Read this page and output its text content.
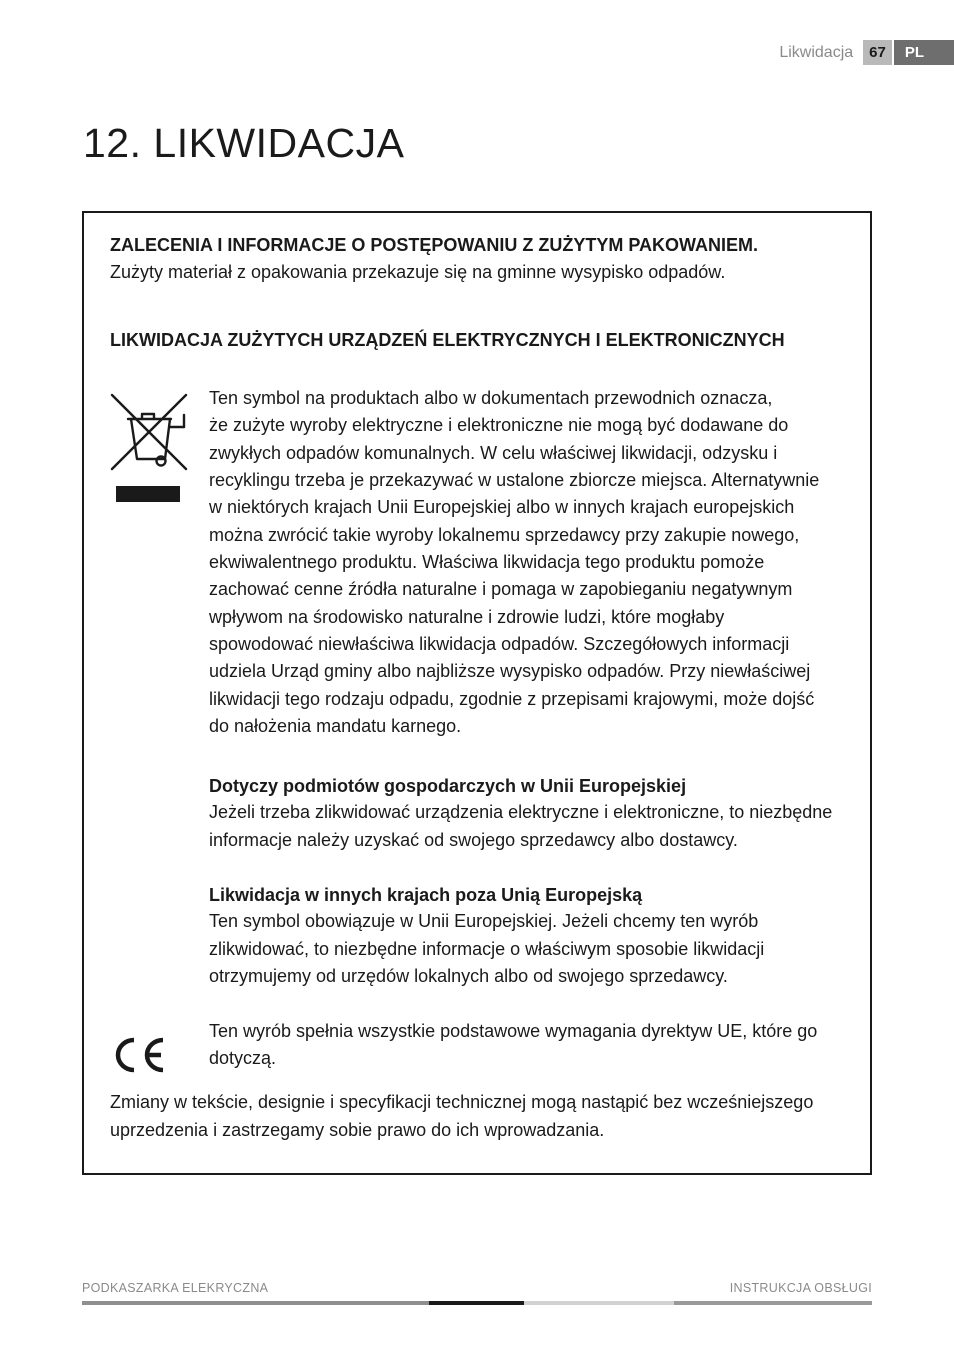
Likwidacja	67	PL
12. LIKWIDACJA

ZALECENIA I INFORMACJE O POSTĘPOWANIU Z ZUŻYTYM PAKOWANIEM.

Zużyty materiał z opakowania przekazuje się na gminne wysypisko odpadów.

LIKWIDACJA ZUŻYTYCH URZĄDZEŃ ELEKTRYCZNYCH I ELEKTRONICZNYCH

Ten symbol na produktach albo w dokumentach przewodnich oznacza,

że zużyte wyroby elektryczne i elektroniczne nie mogą być dodawane do

zwykłych odpadów komunalnych. W celu właściwej likwidacji, odzysku i

recyklingu trzeba je przekazywać w ustalone zbiorcze miejsca. Alternatywnie

w niektórych krajach Unii Europejskiej albo w innych krajach europejskich

można zwrócić takie wyroby lokalnemu sprzedawcy przy zakupie nowego,

ekwiwalentnego produktu. Właściwa likwidacja tego produktu pomoże

zachować cenne źródła naturalne i pomaga w zapobieganiu negatywnym

wpływom na środowisko naturalne i zdrowie ludzi, które mogłaby

spowodować niewłaściwa likwidacja odpadów. Szczegółowych informacji

udziela Urząd gminy albo najbliższe wysypisko odpadów. Przy niewłaściwej

likwidacji tego rodzaju odpadu, zgodnie z przepisami krajowymi, może dojść

do nałożenia mandatu karnego.

Dotyczy podmiotów gospodarczych w Unii Europejskiej

Jeżeli trzeba zlikwidować urządzenia elektryczne i elektroniczne, to niezbędne

informacje należy uzyskać od swojego sprzedawcy albo dostawcy.

Likwidacja w innych krajach poza Unią Europejską

Ten symbol obowiązuje w Unii Europejskiej. Jeżeli chcemy ten wyrób

zlikwidować, to niezbędne informacje o właściwym sposobie likwidacji

otrzymujemy od urzędów lokalnych albo od swojego sprzedawcy.

Ten wyrób spełnia wszystkie podstawowe wymagania dyrektyw UE, które go

dotyczą.

Zmiany w tekście, designie i specyfikacji technicznej mogą nastąpić bez wcześniejszego

uprzedzenia i zastrzegamy sobie prawo do ich wprowadzania.

PODKASZARKA ELEKRYCZNA	INSTRUKCJA OBSŁUGI
